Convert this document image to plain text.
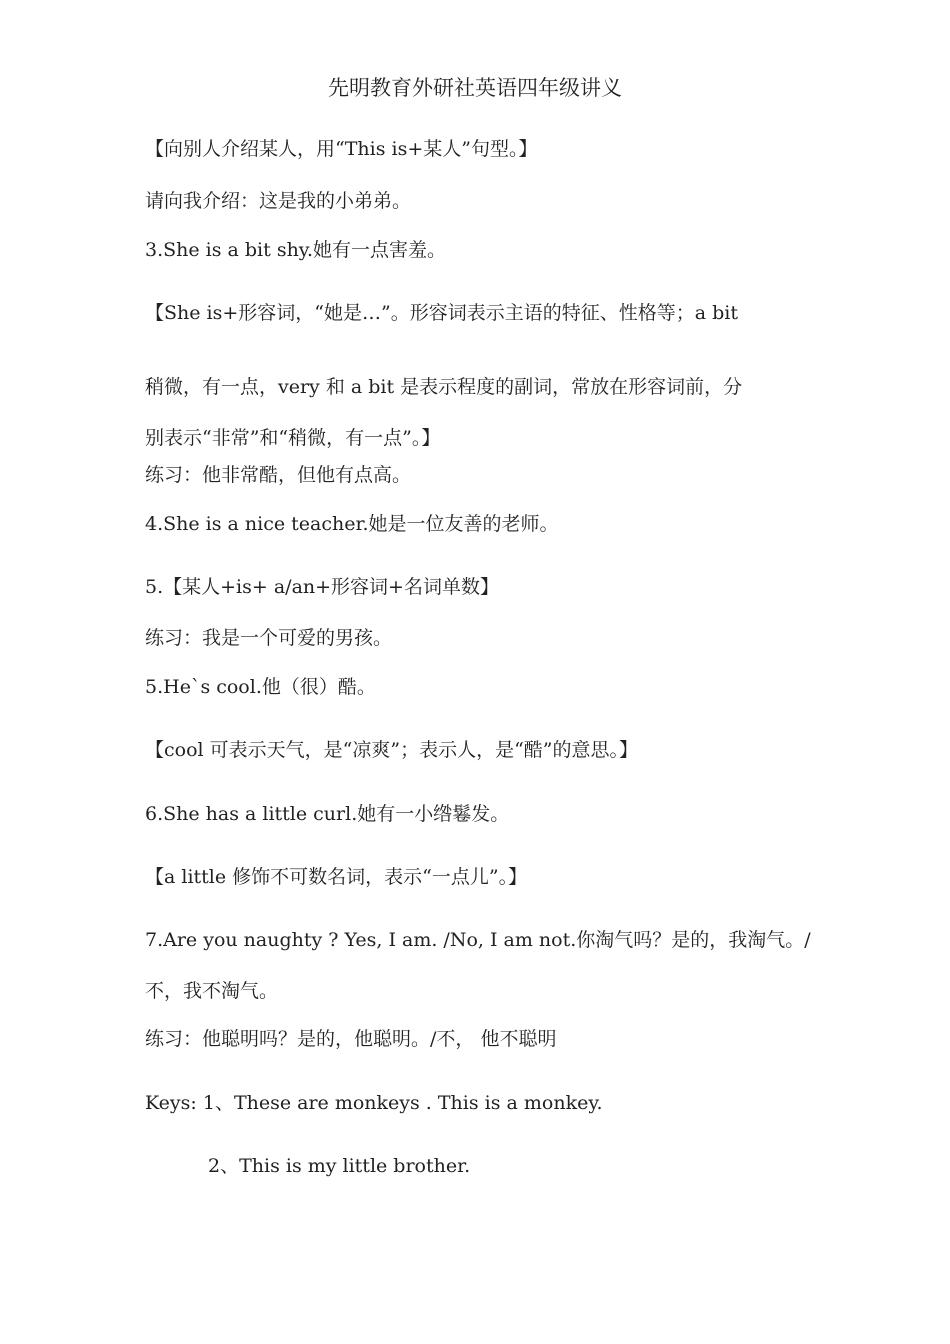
先明教育外研社英语四年级讲义
【向别人介绍某人，用“This is+某人”句型。】
请向我介绍：这是我的小弟弟。
3.She is a bit shy.她有一点害羞。
【She is+形容词，“她是…”。形容词表示主语的特征、性格等；a bit
稍微，有一点，very 和 a bit 是表示程度的副词，常放在形容词前，分
别表示“非常”和“稍微，有一点”。】
练习：他非常酷，但他有点高。
4.She is a nice teacher.她是一位友善的老师。
5.【某人+is+ a/an+形容词+名词单数】
练习：我是一个可爱的男孩。
5.He`s cool.他（很）酷。
【cool 可表示天气，是“凉爽”；表示人，是“酷”的意思。】
6.She has a little curl.她有一小绺鬈发。
【a little 修饰不可数名词，表示“一点儿”。】
7.Are you naughty ? Yes, I am. /No, I am not.你淘气吗？是的，我淘气。/
不，我不淘气。
练习：他聪明吗？是的，他聪明。/不， 他不聪明
Keys: 1、These are monkeys . This is a monkey.
2、This is my little brother.
